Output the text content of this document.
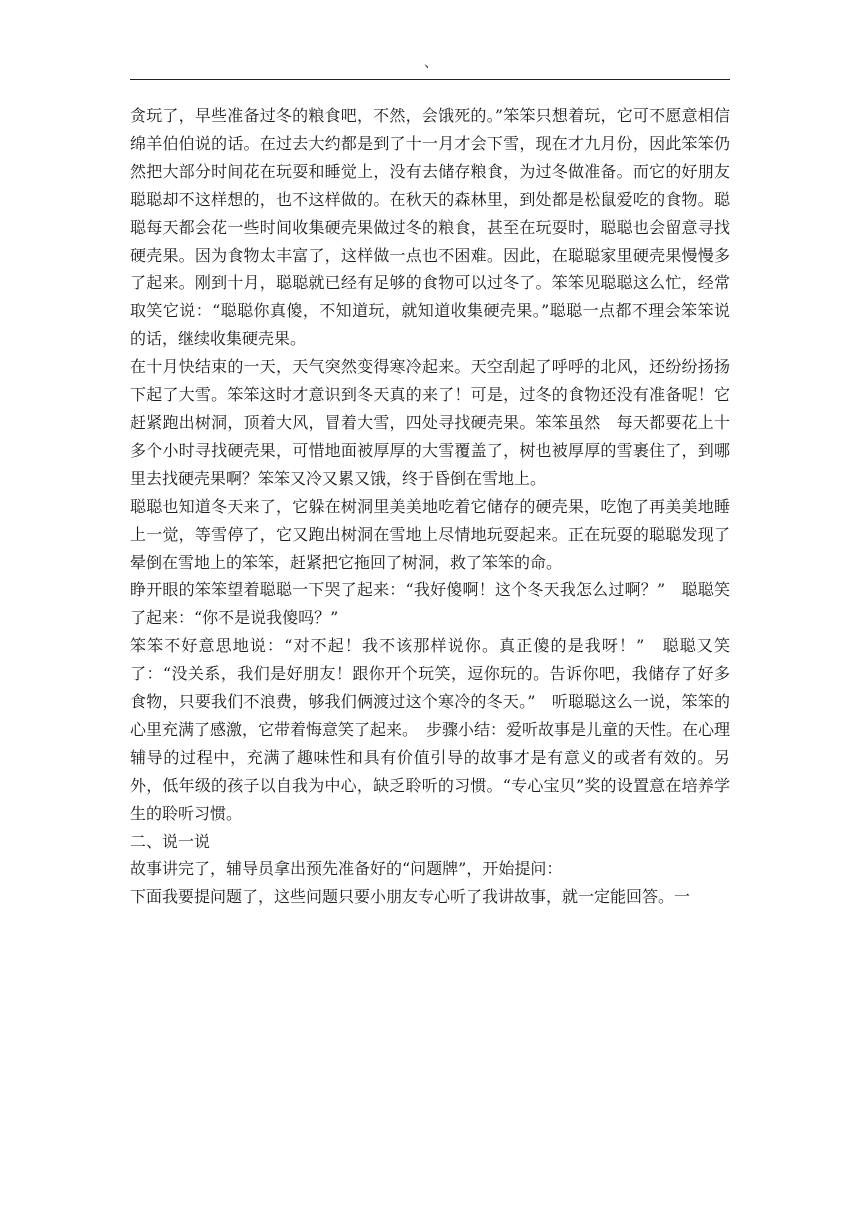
、

贪玩了，早些准备过冬的粮食吧，不然，会饿死的。”笨笨只想着玩，它可不愿意相信绵羊伯伯说的话。在过去大约都是到了十一月才会下雪，现在才九月份，因此笨笨仍然把大部分时间花在玩耍和睡觉上，没有去储存粮食，为过冬做准备。而它的好朋友聪聪却不这样想的，也不这样做的。在秋天的森林里，到处都是松鼠爱吃的食物。聪聪每天都会花一些时间收集硬壳果做过冬的粮食，甚至在玩耍时，聪聪也会留意寻找硬壳果。因为食物太丰富了，这样做一点也不困难。因此，在聪聪家里硬壳果慢慢多了起来。刚到十月，聪聪就已经有足够的食物可以过冬了。笨笨见聪聪这么忙，经常取笑它说：“聪聪你真傻，不知道玩，就知道收集硬壳果。”聪聪一点都不理会笨笨说的话，继续收集硬壳果。

在十月快结束的一天，天气突然变得寒冷起来。天空刮起了呼呼的北风，还纷纷扬扬下起了大雪。笨笨这时才意识到冬天真的来了！可是，过冬的食物还没有准备呢！它赶紧跑出树洞，顶着大风，冒着大雪，四处寻找硬壳果。笨笨虽然　每天都要花上十多个小时寻找硬壳果，可惜地面被厚厚的大雪覆盖了，树也被厚厚的雪裹住了，到哪里去找硬壳果啊？笨笨又冷又累又饿，终于昏倒在雪地上。

聪聪也知道冬天来了，它躲在树洞里美美地吃着它储存的硬壳果，吃饱了再美美地睡上一觉，等雪停了，它又跑出树洞在雪地上尽情地玩耍起来。正在玩耍的聪聪发现了晕倒在雪地上的笨笨，赶紧把它拖回了树洞，救了笨笨的命。

睁开眼的笨笨望着聪聪一下哭了起来：“我好傻啊！这个冬天我怎么过啊？”　聪聪笑了起来：“你不是说我傻吗？”

笨笨不好意思地说：“对不起！我不该那样说你。真正傻的是我呀！”　聪聪又笑了：“没关系，我们是好朋友！跟你开个玩笑，逗你玩的。告诉你吧，我储存了好多食物，只要我们不浪费，够我们俩渡过这个寒冷的冬天。”　听聪聪这么一说，笨笨的心里充满了感激，它带着悔意笑了起来。　步骤小结：爱听故事是儿童的天性。在心理辅导的过程中，充满了趣味性和具有价值引导的故事才是有意义的或者有效的。另外，低年级的孩子以自我为中心，缺乏聆听的习惯。“专心宝贝”奖的设置意在培养学生的聆听习惯。

二、说一说

故事讲完了，辅导员拿出预先准备好的“问题牌”，开始提问：

下面我要提问题了，这些问题只要小朋友专心听了我讲故事，就一定能回答。一
